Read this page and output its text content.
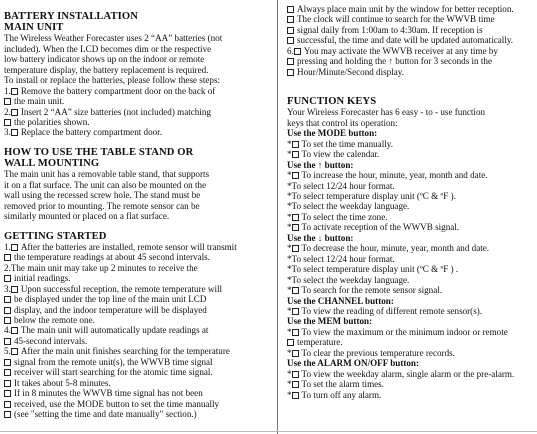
BATTERY INSTALLATION
MAIN UNIT
The Wireless Weather Forecaster uses 2 “AA” batteries (not
included). When the LCD becomes dim or the respective
low battery indicator shows up on the indoor or remote
temperature display, the battery replacement is required.
To install or replace the batteries, please follow these steps:
1. Remove the battery compartment door on the back of
the main unit.
2. Insert 2 “AA” size batteries (not included) matching
the polarities shown.
3. Replace the battery compartment door.
HOW TO USE THE TABLE STAND OR
WALL MOUNTING
The main unit has a removable table stand, that supports
it on a flat surface. The unit can also be mounted on the
wall using the recessed screw hole. The stand must be
removed prior to mounting. The remote sensor can be
similarly mounted or placed on a flat surface.
GETTING STARTED
1. After the batteries are installed, remote sensor will transmit
the temperature readings at about 45 second intervals.
2.The main unit may take up 2 minutes to receive the
initial readings.
3. Upon successful reception, the remote temperature will
be displayed under the top line of the main unit LCD
display, and the indoor temperature will be displayed
below the remote one.
4. The main unit will automatically update readings at
45-second intervals.
5. After the main unit finishes searching for the temperature
signal from the remote unit(s), the WWVB time signal
receiver will start searching for the atomic time signal.
It takes about 5-8 minutes.
If in 8 minutes the WWVB time signal has not been
received, use the MODE button to set the time manually
(see "setting the time and date manually" section.)
Always place main unit by the window for better reception.
The clock will continue to search for the WWVB time
signal daily from 1:00am to 4:30am. If reception is
successful, the time and date will be updated automatically.
6. You may activate the WWVB receiver at any time by
pressing and holding the ↑ button for 3 seconds in the
Hour/Minute/Second display.
FUNCTION KEYS
Your Wireless Forecaster has 6 easy - to - use function
keys that control its operation:
Use the MODE button:
* To set the time manually.
* To view the calendar.
Use the ↑ button:
* To increase the hour, minute, year, month and date.
*To select 12/24 hour format.
*To select temperature display unit (ºC & ºF ).
*To select the weekday language.
* To select the time zone.
* To activate reception of the WWVB signal.
Use the ↓ button:
* To decrease the hour, minute, year, month and date.
*To select 12/24 hour format.
*To select temperature display unit (ºC & ºF ) .
*To select the weekday language.
* To search for the remote sensor signal.
Use the CHANNEL button:
* To view the reading of different remote sensor(s).
Use the MEM button:
* To view the maximum or the minimum indoor or remote
temperature.
* To clear the previous temperature records.
Use the ALARM ON/OFF button:
* To view the weekday alarm, single alarm or the pre-alarm.
* To set the alarm times.
* To turn off any alarm.
